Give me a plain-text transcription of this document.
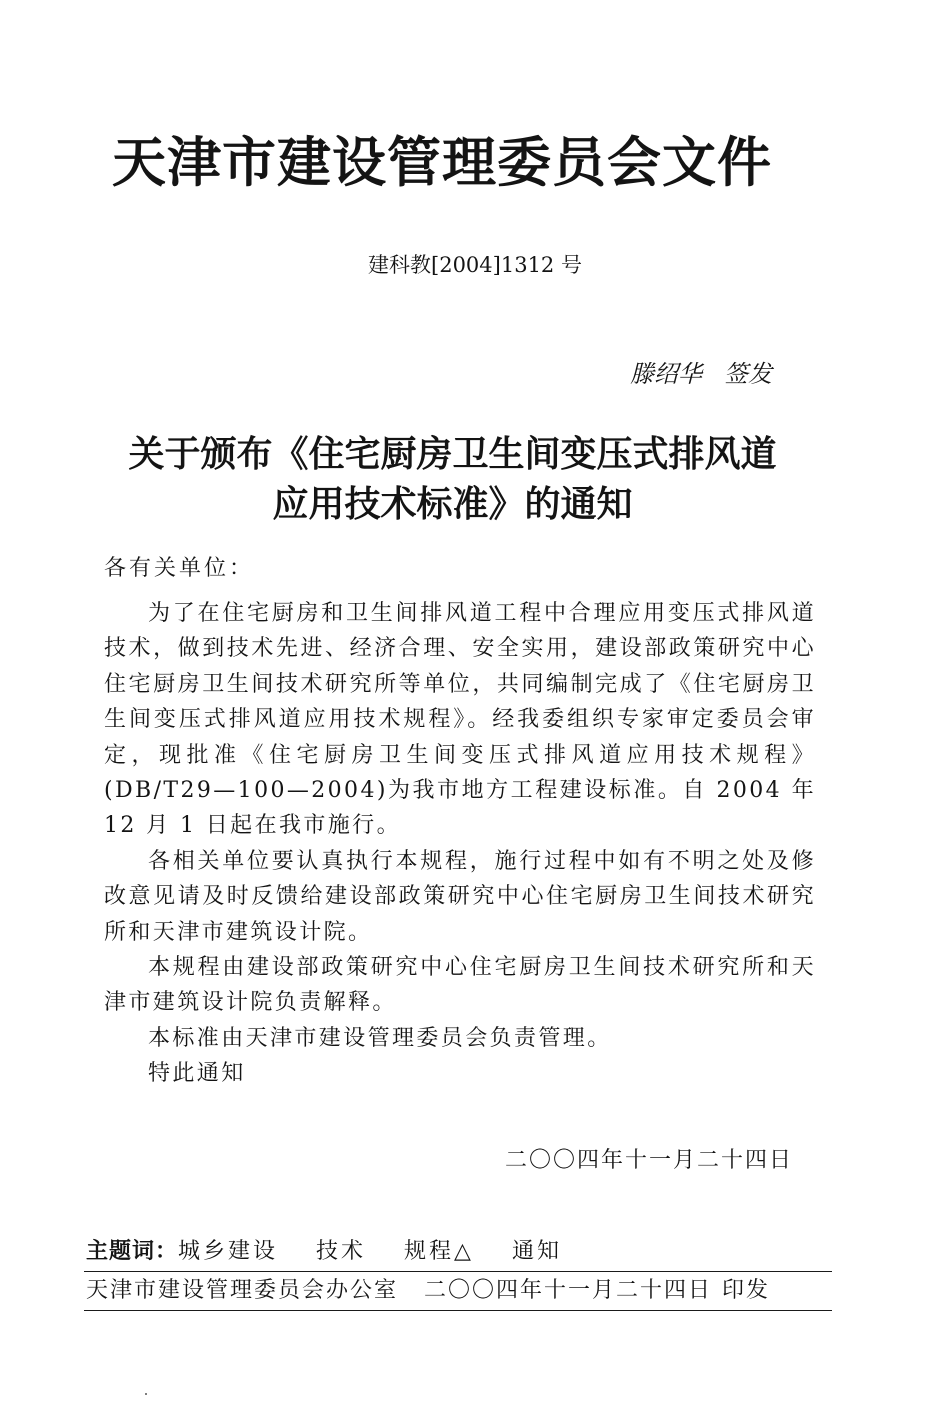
天津市建设管理委员会文件
建科教[2004]1312 号
滕绍华 签发
关于颁布《住宅厨房卫生间变压式排风道
应用技术标准》的通知
各有关单位：

为了在住宅厨房和卫生间排风道工程中合理应用变压式排风道技术，做到技术先进、经济合理、安全实用，建设部政策研究中心住宅厨房卫生间技术研究所等单位，共同编制完成了《住宅厨房卫生间变压式排风道应用技术规程》。经我委组织专家审定委员会审定，现批准《住宅厨房卫生间变压式排风道应用技术规程》(DB/T29—100—2004)为我市地方工程建设标准。自 2004 年 12 月 1 日起在我市施行。

各相关单位要认真执行本规程，施行过程中如有不明之处及修改意见请及时反馈给建设部政策研究中心住宅厨房卫生间技术研究所和天津市建筑设计院。

本规程由建设部政策研究中心住宅厨房卫生间技术研究所和天津市建筑设计院负责解释。

本标准由天津市建设管理委员会负责管理。

特此通知

二〇〇四年十一月二十四日
主题词：城乡建设 技术 规程△ 通知
天津市建设管理委员会办公室 二〇〇四年十一月二十四日 印发
